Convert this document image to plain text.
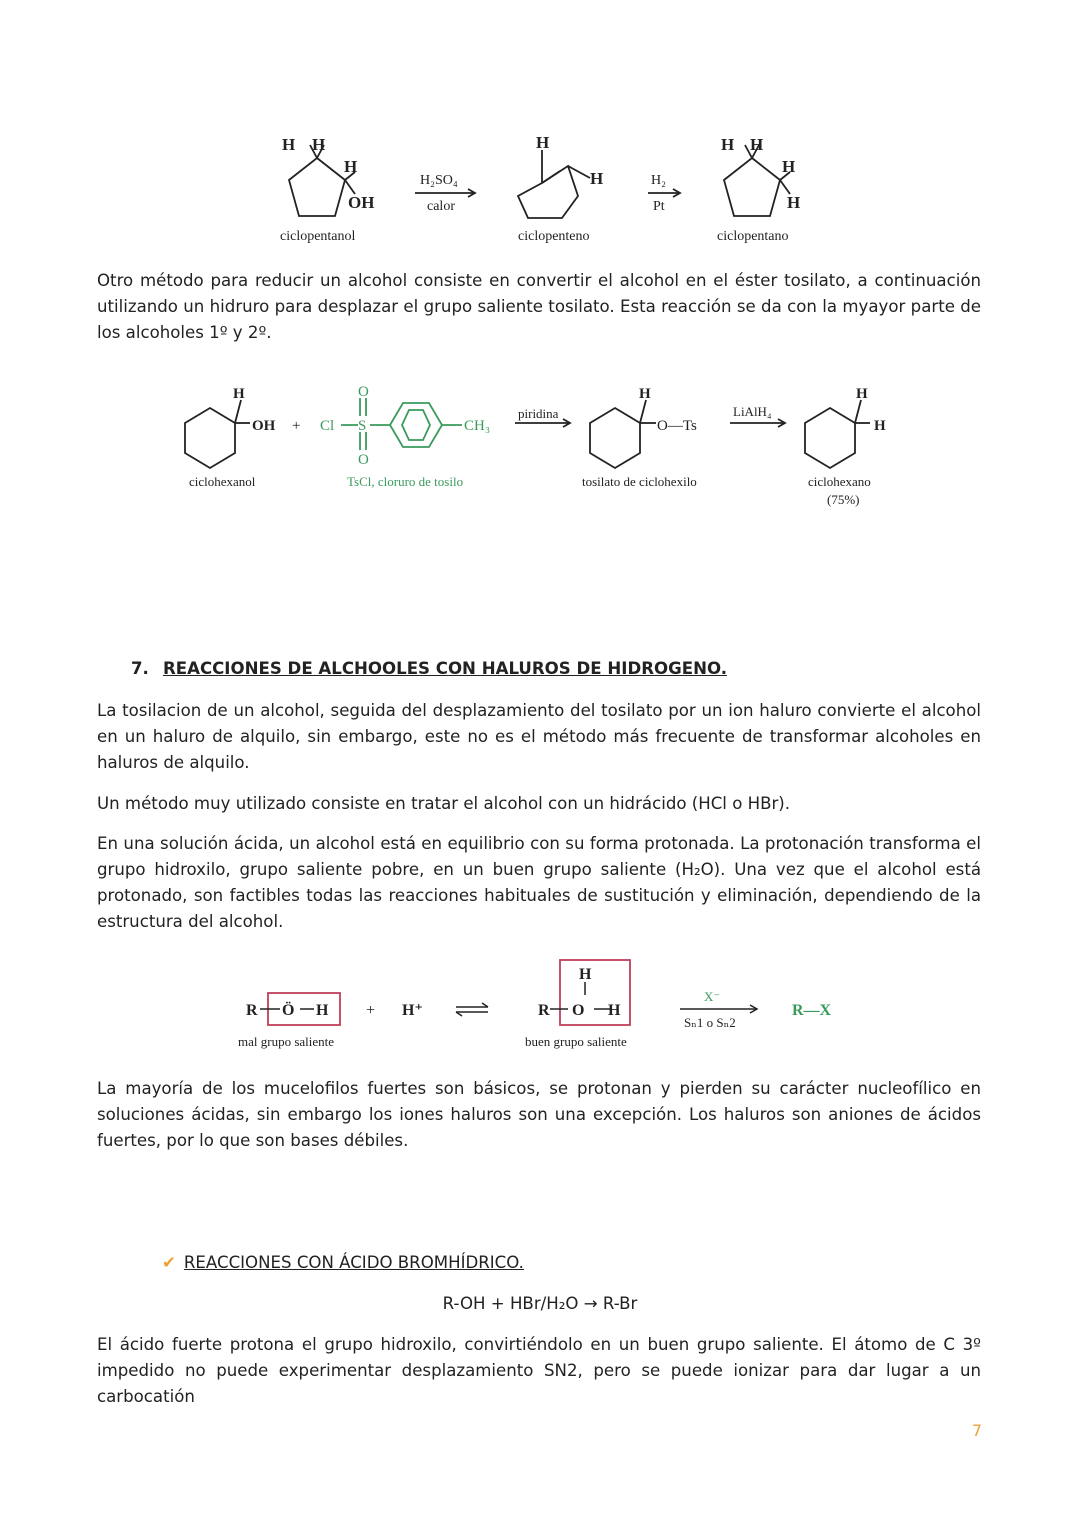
H H
H
OH
H
H
H H
H
H
H₂SO₄
calor
H₂
Pt
ciclopentanol	ciclopenteno	ciclopentano

Otro método para reducir un alcohol consiste en convertir el alcohol en el éster tosilato, a continuación utilizando un hidruro para desplazar el grupo saliente tosilato. Esta reacción se da con la myayor parte de los alcoholes 1º y 2º.

H
OH +
H
O—Ts
H
H
Cl S
O
O
CH₃
piridina	LiAlH₄
ciclohexanol	tosilato de ciclohexilo	ciclohexano
(75%)
TsCl, cloruro de tosilo
7. REACCIONES DE ALCHOOLES CON HALUROS DE HIDROGENO.

La tosilacion de un alcohol, seguida del desplazamiento del tosilato por un ion haluro convierte el alcohol en un haluro de alquilo, sin embargo, este no es el método más frecuente de transformar alcoholes en haluros de alquilo.

Un método muy utilizado consiste en tratar el alcohol con un hidrácido (HCl o HBr).

En una solución ácida, un alcohol está en equilibrio con su forma protonada. La protonación transforma el grupo hidroxilo, grupo saliente pobre, en un buen grupo saliente (H₂O). Una vez que el alcohol está protonado, son factibles todas las reacciones habituales de sustitución y eliminación, dependiendo de la estructura del alcohol.

R Ö H + H⁺	R
H
O H	R—X
X⁻
Sₙ1 o Sₙ2
mal grupo saliente	buen grupo saliente

La mayoría de los mucelofilos fuertes son básicos, se protonan y pierden su carácter nucleofílico en soluciones ácidas, sin embargo los iones haluros son una excepción. Los haluros son aniones de ácidos fuertes, por lo que son bases débiles.

✔ REACCIONES CON ÁCIDO BROMHÍDRICO.
R-OH + HBr/H₂O → R-Br

El ácido fuerte protona el grupo hidroxilo, convirtiéndolo en un buen grupo saliente. El átomo de C 3º impedido no puede experimentar desplazamiento SN2, pero se puede ionizar para dar lugar a un carbocatión

7
